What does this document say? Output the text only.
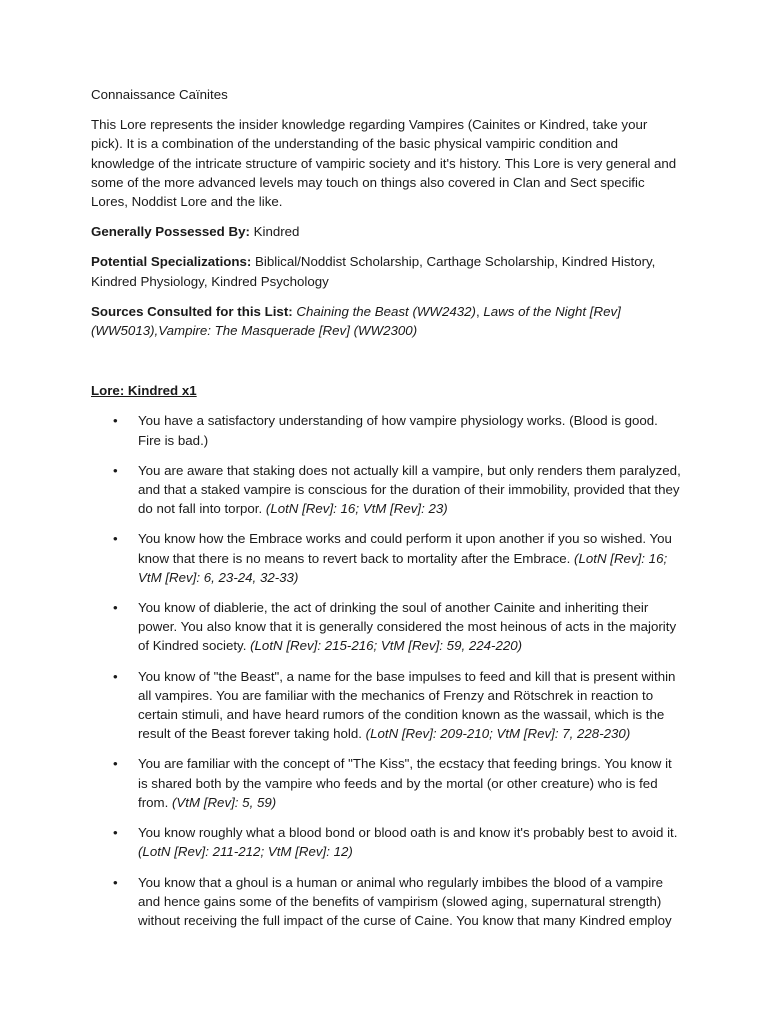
Connaissance Caïnites

This Lore represents the insider knowledge regarding Vampires (Cainites or Kindred, take your pick). It is a combination of the understanding of the basic physical vampiric condition and knowledge of the intricate structure of vampiric society and it's history. This Lore is very general and some of the more advanced levels may touch on things also covered in Clan and Sect specific Lores, Noddist Lore and the like.

Generally Possessed By: Kindred

Potential Specializations: Biblical/Noddist Scholarship, Carthage Scholarship, Kindred History, Kindred Physiology, Kindred Psychology

Sources Consulted for this List: Chaining the Beast (WW2432), Laws of the Night [Rev] (WW5013),Vampire: The Masquerade [Rev] (WW2300)

Lore: Kindred x1

• You have a satisfactory understanding of how vampire physiology works. (Blood is good. Fire is bad.)
• You are aware that staking does not actually kill a vampire, but only renders them paralyzed, and that a staked vampire is conscious for the duration of their immobility, provided that they do not fall into torpor. (LotN [Rev]: 16; VtM [Rev]: 23)
• You know how the Embrace works and could perform it upon another if you so wished. You know that there is no means to revert back to mortality after the Embrace. (LotN [Rev]: 16; VtM [Rev]: 6, 23-24, 32-33)
• You know of diablerie, the act of drinking the soul of another Cainite and inheriting their power. You also know that it is generally considered the most heinous of acts in the majority of Kindred society. (LotN [Rev]: 215-216; VtM [Rev]: 59, 224-220)
• You know of "the Beast", a name for the base impulses to feed and kill that is present within all vampires. You are familiar with the mechanics of Frenzy and Rötschrek in reaction to certain stimuli, and have heard rumors of the condition known as the wassail, which is the result of the Beast forever taking hold. (LotN [Rev]: 209-210; VtM [Rev]: 7, 228-230)
• You are familiar with the concept of "The Kiss", the ecstacy that feeding brings. You know it is shared both by the vampire who feeds and by the mortal (or other creature) who is fed from. (VtM [Rev]: 5, 59)
• You know roughly what a blood bond or blood oath is and know it's probably best to avoid it. (LotN [Rev]: 211-212; VtM [Rev]: 12)
• You know that a ghoul is a human or animal who regularly imbibes the blood of a vampire and hence gains some of the benefits of vampirism (slowed aging, supernatural strength) without receiving the full impact of the curse of Caine. You know that many Kindred employ
